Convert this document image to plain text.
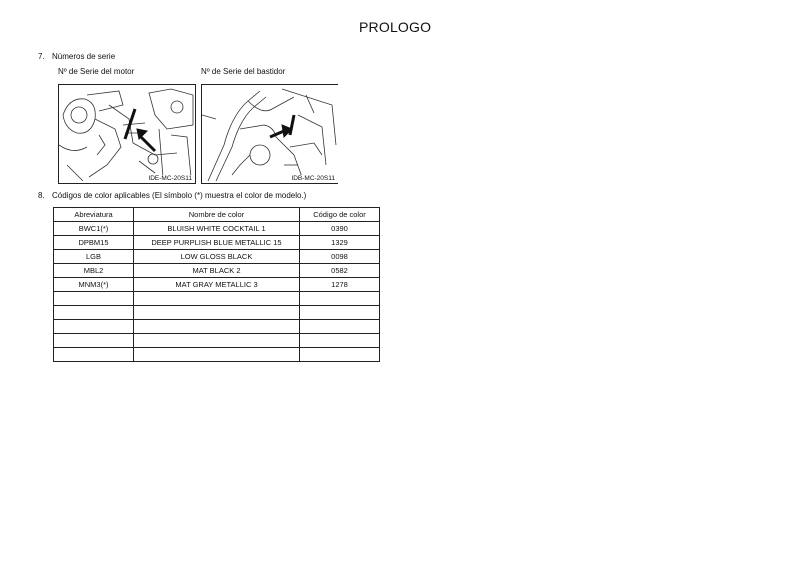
PROLOGO
7. Números de serie
Nº de Serie del motor	Nº de Serie del bastidor
IDE-MC-20S11	IDB-MC-20S11
8. Códigos de color aplicables (El símbolo (*) muestra el color de modelo.)
Abreviatura	Nombre de color	Código de color
BWC1(*)	BLUISH WHITE COCKTAIL 1	0390
DPBM15	DEEP PURPLISH BLUE METALLIC 15	1329
LGB	LOW GLOSS BLACK	0098
MBL2	MAT BLACK 2	0582
MNM3(*)	MAT GRAY METALLIC 3	1278
